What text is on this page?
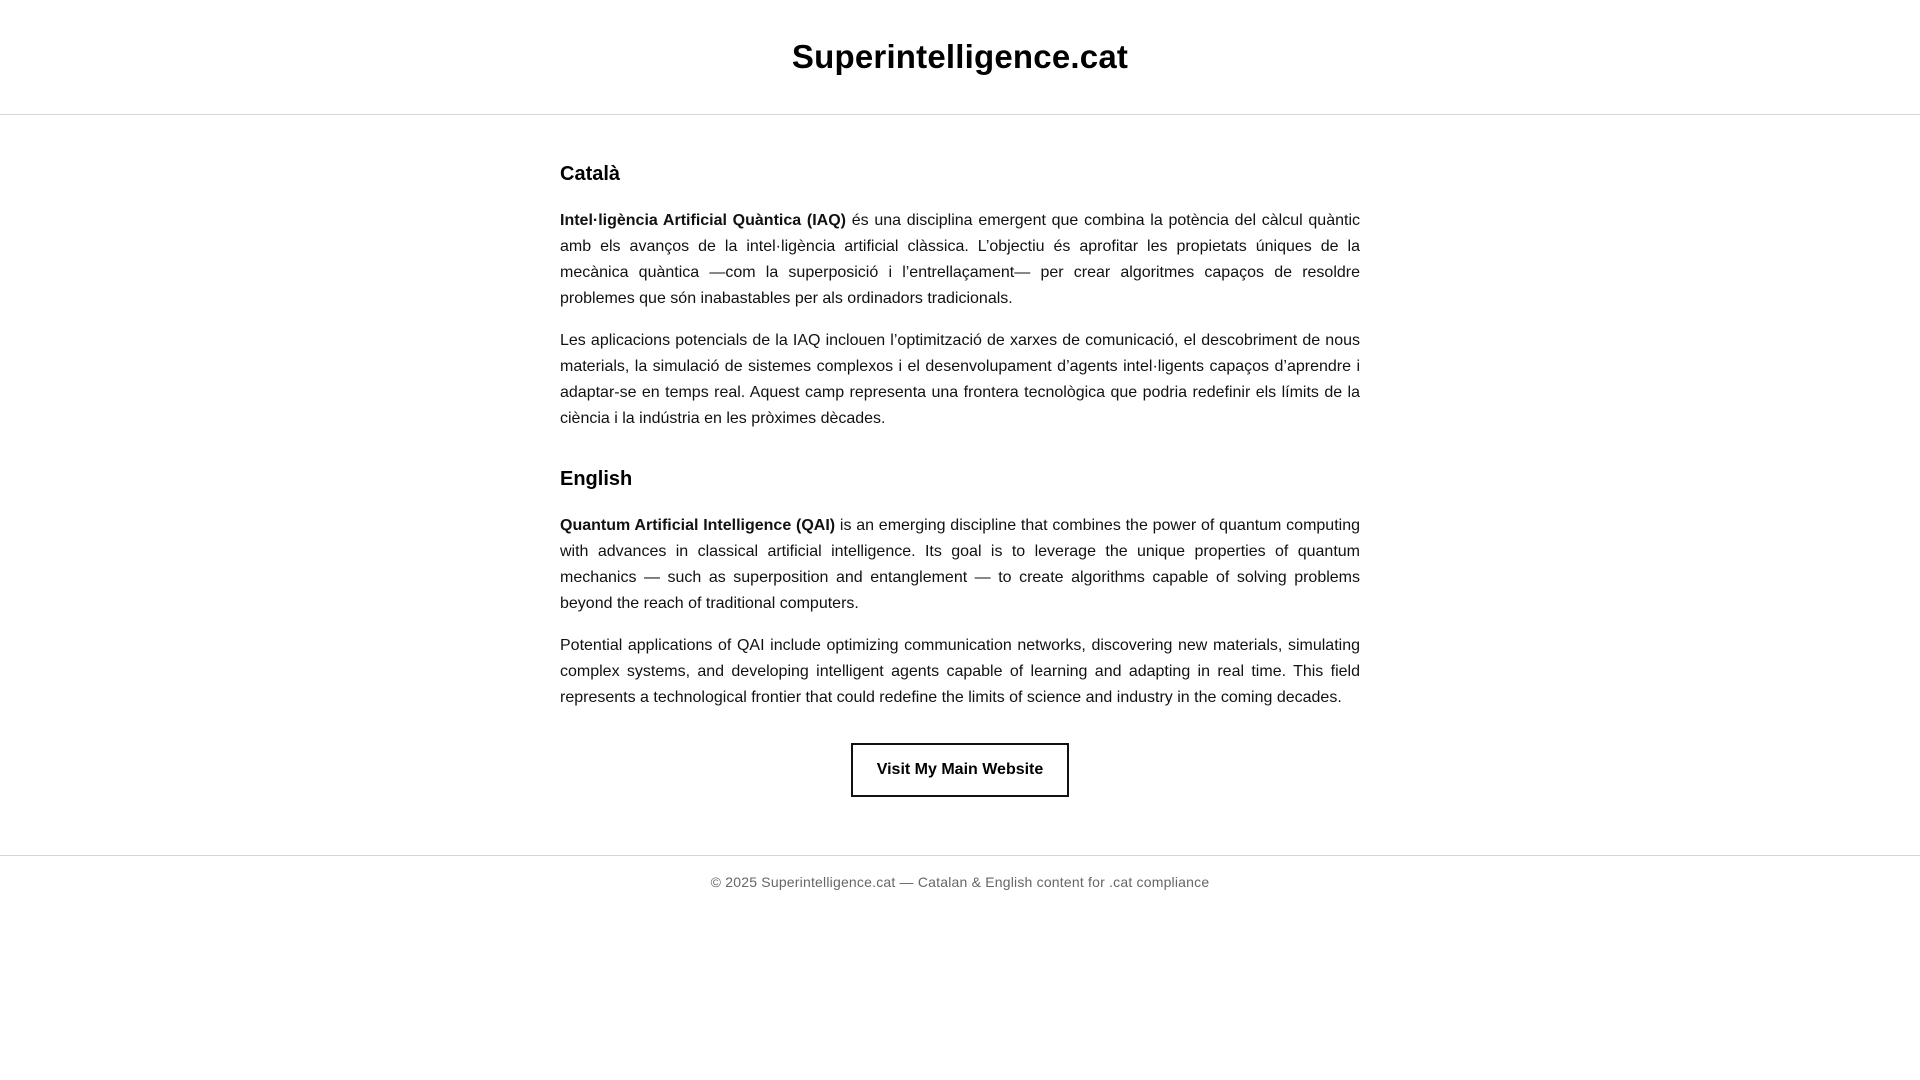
Superintelligence.cat
Català

Intel·ligència Artificial Quàntica (IAQ) és una disciplina emergent que combina la potència del càlcul quàntic amb els avanços de la intel·ligència artificial clàssica. L’objectiu és aprofitar les propietats úniques de la mecànica quàntica —com la superposició i l’entrellaçament— per crear algoritmes capaços de resoldre problemes que són inabastables per als ordinadors tradicionals.

Les aplicacions potencials de la IAQ inclouen l’optimització de xarxes de comunicació, el descobriment de nous materials, la simulació de sistemes complexos i el desenvolupament d’agents intel·ligents capaços d’aprendre i adaptar-se en temps real. Aquest camp representa una frontera tecnològica que podria redefinir els límits de la ciència i la indústria en les pròximes dècades.

English

Quantum Artificial Intelligence (QAI) is an emerging discipline that combines the power of quantum computing with advances in classical artificial intelligence. Its goal is to leverage the unique properties of quantum mechanics — such as superposition and entanglement — to create algorithms capable of solving problems beyond the reach of traditional computers.

Potential applications of QAI include optimizing communication networks, discovering new materials, simulating complex systems, and developing intelligent agents capable of learning and adapting in real time. This field represents a technological frontier that could redefine the limits of science and industry in the coming decades.

Visit My Main Website
© 2025 Superintelligence.cat — Catalan & English content for .cat compliance
